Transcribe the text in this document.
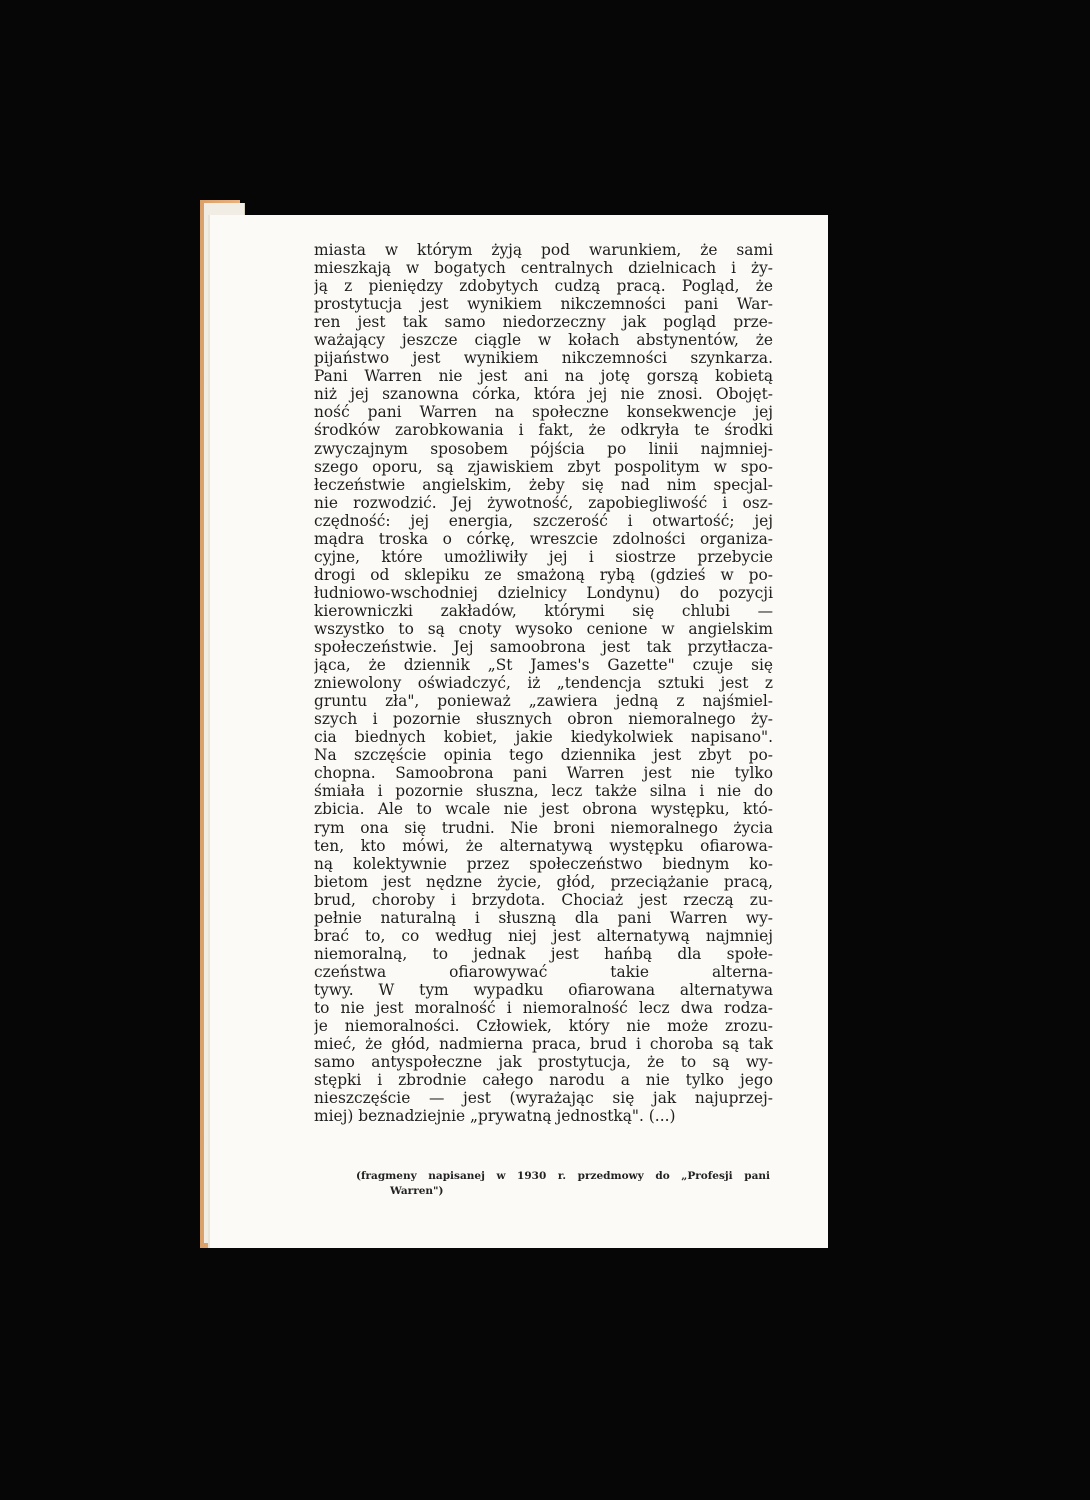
miasta w którym żyją pod warunkiem, że sami
mieszkają w bogatych centralnych dzielnicach i ży-
ją z pieniędzy zdobytych cudzą pracą. Pogląd, że
prostytucja jest wynikiem nikczemności pani War-
ren jest tak samo niedorzeczny jak pogląd prze-
ważający jeszcze ciągle w kołach abstynentów, że
pijaństwo jest wynikiem nikczemności szynkarza.
Pani Warren nie jest ani na jotę gorszą kobietą
niż jej szanowna córka, która jej nie znosi. Obojęt-
ność pani Warren na społeczne konsekwencje jej
środków zarobkowania i fakt, że odkryła te środki
zwyczajnym sposobem pójścia po linii najmniej-
szego oporu, są zjawiskiem zbyt pospolitym w spo-
łeczeństwie angielskim, żeby się nad nim specjal-
nie rozwodzić. Jej żywotność, zapobiegliwość i osz-
czędność: jej energia, szczerość i otwartość; jej
mądra troska o córkę, wreszcie zdolności organiza-
cyjne, które umożliwiły jej i siostrze przebycie
drogi od sklepiku ze smażoną rybą (gdzieś w po-
łudniowo-wschodniej dzielnicy Londynu) do pozycji
kierowniczki zakładów, którymi się chlubi —
wszystko to są cnoty wysoko cenione w angielskim
społeczeństwie. Jej samoobrona jest tak przytłacza-
jąca, że dziennik „St James's Gazette" czuje się
zniewolony oświadczyć, iż „tendencja sztuki jest z
gruntu zła", ponieważ „zawiera jedną z najśmiel-
szych i pozornie słusznych obron niemoralnego ży-
cia biednych kobiet, jakie kiedykolwiek napisano".
Na szczęście opinia tego dziennika jest zbyt po-
chopna. Samoobrona pani Warren jest nie tylko
śmiała i pozornie słuszna, lecz także silna i nie do
zbicia. Ale to wcale nie jest obrona występku, któ-
rym ona się trudni. Nie broni niemoralnego życia
ten, kto mówi, że alternatywą występku ofiarowa-
ną kolektywnie przez społeczeństwo biednym ko-
bietom jest nędzne życie, głód, przeciążanie pracą,
brud, choroby i brzydota. Chociaż jest rzeczą zu-
pełnie naturalną i słuszną dla pani Warren wy-
brać to, co według niej jest alternatywą najmniej
niemoralną, to jednak jest hańbą dla społe-
czeństwa ofiarowywać takie alterna-
tywy. W tym wypadku ofiarowana alternatywa
to nie jest moralność i niemoralność lecz dwa rodza-
je niemoralności. Człowiek, który nie może zrozu-
mieć, że głód, nadmierna praca, brud i choroba są tak
samo antyspołeczne jak prostytucja, że to są wy-
stępki i zbrodnie całego narodu a nie tylko jego
nieszczęście — jest (wyrażając się jak najuprzej-
miej) beznadziejnie „prywatną jednostką". (...)
(fragmeny napisanej w 1930 r. przedmowy do „Profesji pani
Warren")
